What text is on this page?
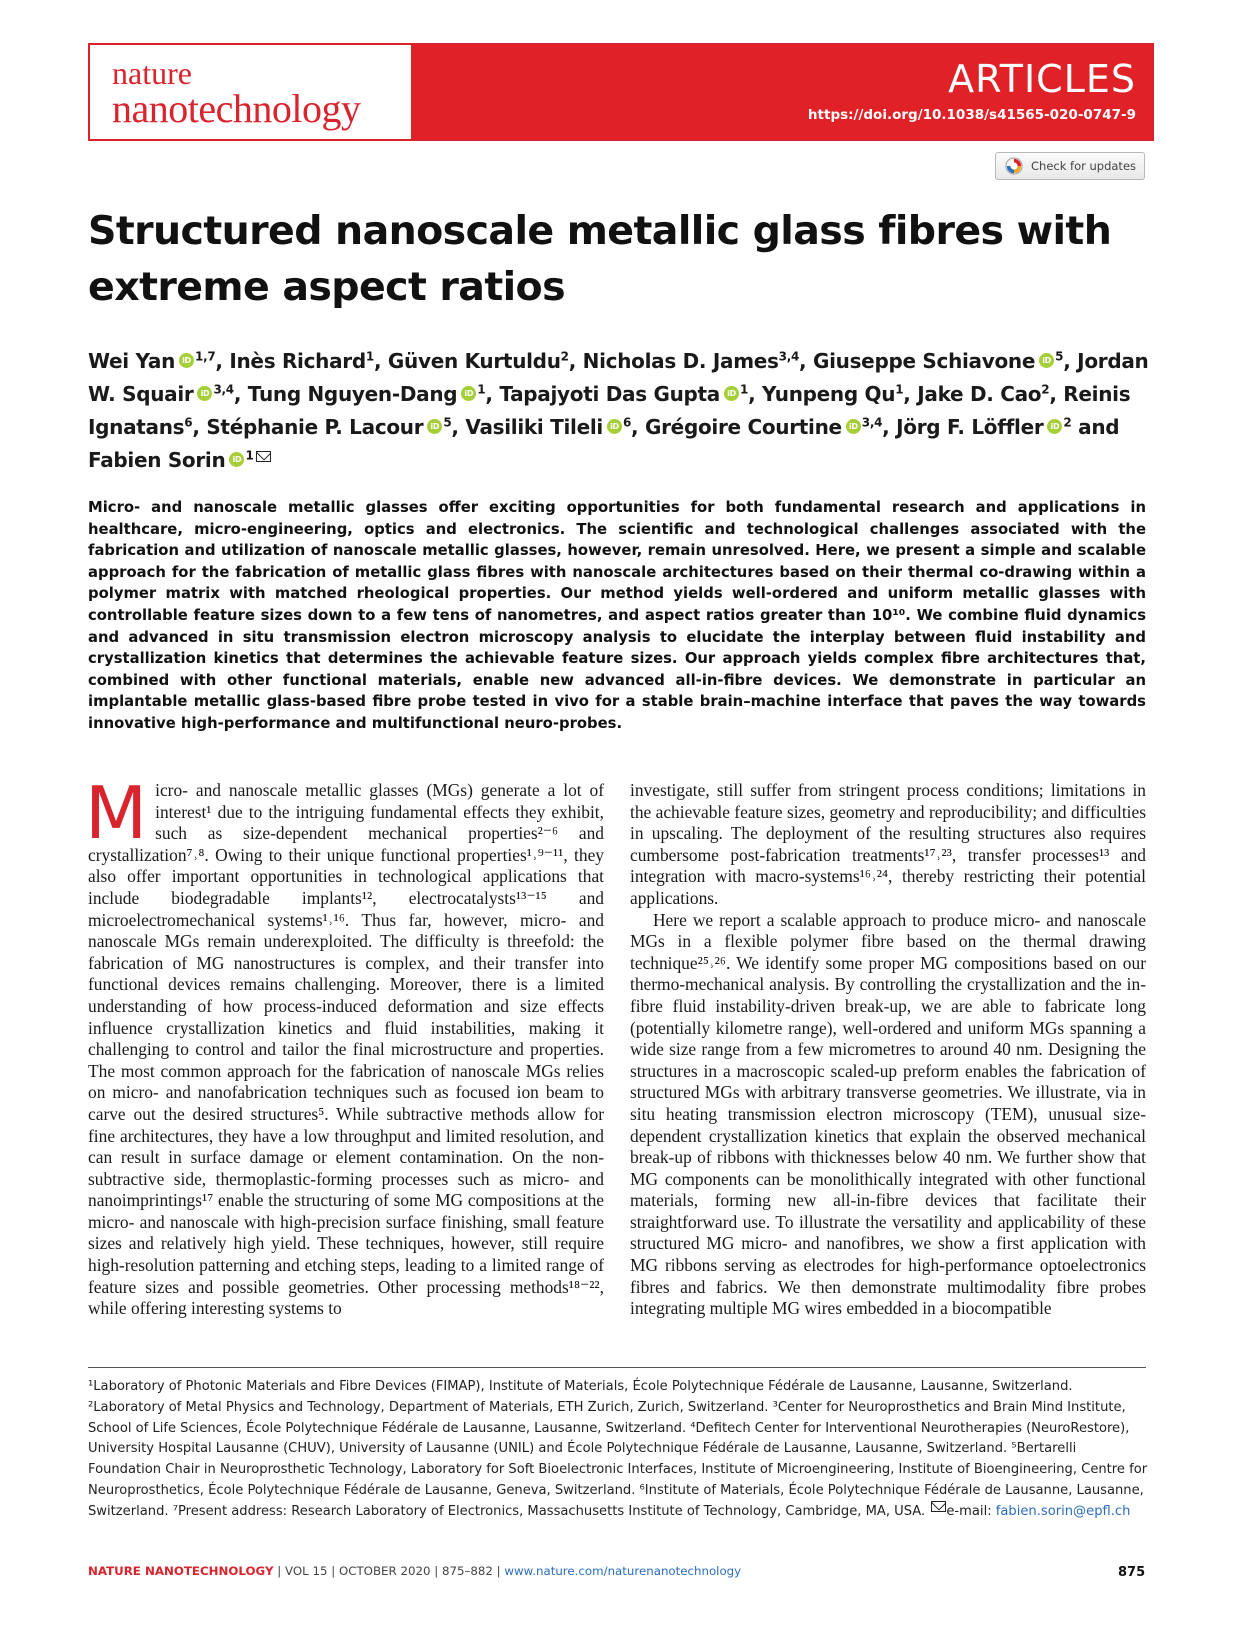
nature
nanotechnology
ARTICLES
https://doi.org/10.1038/s41565-020-0747-9
Check for updates
Structured nanoscale metallic glass fibres with extreme aspect ratios
Wei Yan iD $^{1,7}$, Inès Richard$^1$, Güven Kurtuldu$^2$, Nicholas D. James$^{3,4}$, Giuseppe Schiavone iD $^5$, Jordan W. Squair iD $^{3,4}$, Tung Nguyen-Dang iD $^1$, Tapajyoti Das Gupta iD $^1$, Yunpeng Qu$^1$, Jake D. Cao$^2$, Reinis Ignatans$^6$, Stéphanie P. Lacour iD $^5$, Vasiliki Tileli iD $^6$, Grégoire Courtine iD $^{3,4}$, Jörg F. Löffler iD $^2$ and Fabien Sorin iD $^1$
Micro- and nanoscale metallic glasses offer exciting opportunities for both fundamental research and applications in healthcare, micro-engineering, optics and electronics. The scientific and technological challenges associated with the fabrication and utilization of nanoscale metallic glasses, however, remain unresolved. Here, we present a simple and scalable approach for the fabrication of metallic glass fibres with nanoscale architectures based on their thermal co-drawing within a polymer matrix with matched rheological properties. Our method yields well-ordered and uniform metallic glasses with controllable feature sizes down to a few tens of nanometres, and aspect ratios greater than 10¹⁰. We combine fluid dynamics and advanced in situ transmission electron microscopy analysis to elucidate the interplay between fluid instability and crystallization kinetics that determines the achievable feature sizes. Our approach yields complex fibre architectures that, combined with other functional materials, enable new advanced all-in-fibre devices. We demonstrate in particular an implantable metallic glass-based fibre probe tested in vivo for a stable brain–machine interface that paves the way towards innovative high-performance and multifunctional neuro-probes.

Micro- and nanoscale metallic glasses (MGs) generate a lot of interest¹ due to the intriguing fundamental effects they exhibit, such as size-dependent mechanical properties²⁻⁶ and crystallization⁷˒⁸. Owing to their unique functional properties¹˒⁹⁻¹¹, they also offer important opportunities in technological applications that include biodegradable implants¹², electrocatalysts¹³⁻¹⁵ and microelectromechanical systems¹˒¹⁶. Thus far, however, micro- and nanoscale MGs remain underexploited. The difficulty is threefold: the fabrication of MG nanostructures is complex, and their transfer into functional devices remains challenging. Moreover, there is a limited understanding of how process-induced deformation and size effects influence crystallization kinetics and fluid instabilities, making it challenging to control and tailor the final microstructure and properties. The most common approach for the fabrication of nanoscale MGs relies on micro- and nanofabrication techniques such as focused ion beam to carve out the desired structures⁵. While subtractive methods allow for fine architectures, they have a low throughput and limited resolution, and can result in surface damage or element contamination. On the non-subtractive side, thermoplastic-forming processes such as micro- and nanoimprintings¹⁷ enable the structuring of some MG compositions at the micro- and nanoscale with high-precision surface finishing, small feature sizes and relatively high yield. These techniques, however, still require high-resolution patterning and etching steps, leading to a limited range of feature sizes and possible geometries. Other processing methods¹⁸⁻²², while offering interesting systems to

investigate, still suffer from stringent process conditions; limitations in the achievable feature sizes, geometry and reproducibility; and difficulties in upscaling. The deployment of the resulting structures also requires cumbersome post-fabrication treatments¹⁷˒²³, transfer processes¹³ and integration with macro-systems¹⁶˒²⁴, thereby restricting their potential applications.

Here we report a scalable approach to produce micro- and nanoscale MGs in a flexible polymer fibre based on the thermal drawing technique²⁵˒²⁶. We identify some proper MG compositions based on our thermo-mechanical analysis. By controlling the crystallization and the in-fibre fluid instability-driven break-up, we are able to fabricate long (potentially kilometre range), well-ordered and uniform MGs spanning a wide size range from a few micrometres to around 40 nm. Designing the structures in a macroscopic scaled-up preform enables the fabrication of structured MGs with arbitrary transverse geometries. We illustrate, via in situ heating transmission electron microscopy (TEM), unusual size-dependent crystallization kinetics that explain the observed mechanical break-up of ribbons with thicknesses below 40 nm. We further show that MG components can be monolithically integrated with other functional materials, forming new all-in-fibre devices that facilitate their straightforward use. To illustrate the versatility and applicability of these structured MG micro- and nanofibres, we show a first application with MG ribbons serving as electrodes for high-performance optoelectronics fibres and fabrics. We then demonstrate multimodality fibre probes integrating multiple MG wires embedded in a biocompatible

¹Laboratory of Photonic Materials and Fibre Devices (FIMAP), Institute of Materials, École Polytechnique Fédérale de Lausanne, Lausanne, Switzerland. ²Laboratory of Metal Physics and Technology, Department of Materials, ETH Zurich, Zurich, Switzerland. ³Center for Neuroprosthetics and Brain Mind Institute, School of Life Sciences, École Polytechnique Fédérale de Lausanne, Lausanne, Switzerland. ⁴Defitech Center for Interventional Neurotherapies (NeuroRestore), University Hospital Lausanne (CHUV), University of Lausanne (UNIL) and École Polytechnique Fédérale de Lausanne, Lausanne, Switzerland. ⁵Bertarelli Foundation Chair in Neuroprosthetic Technology, Laboratory for Soft Bioelectronic Interfaces, Institute of Microengineering, Institute of Bioengineering, Centre for Neuroprosthetics, École Polytechnique Fédérale de Lausanne, Geneva, Switzerland. ⁶Institute of Materials, École Polytechnique Fédérale de Lausanne, Lausanne, Switzerland. ⁷Present address: Research Laboratory of Electronics, Massachusetts Institute of Technology, Cambridge, MA, USA. e-mail: fabien.sorin@epfl.ch
NATURE NANOTECHNOLOGY | VOL 15 | OCTOBER 2020 | 875–882 | www.nature.com/naturenanotechnology	875
